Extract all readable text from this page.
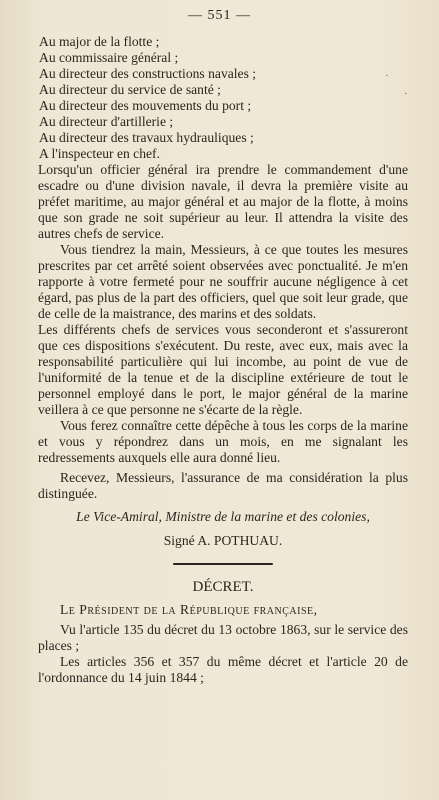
— 551 —
·
·
Au major de la flotte ;
Au commissaire général ;
Au directeur des constructions navales ;
Au directeur du service de santé ;
Au directeur des mouvements du port ;
Au directeur d'artillerie ;
Au directeur des travaux hydrauliques ;
A l'inspecteur en chef.

Lorsqu'un officier général ira prendre le commandement d'une escadre ou d'une division navale, il devra la première visite au préfet maritime, au major général et au major de la flotte, à moins que son grade ne soit supérieur au leur. Il attendra la visite des autres chefs de service.

Vous tiendrez la main, Messieurs, à ce que toutes les mesures prescrites par cet arrêté soient observées avec ponctualité. Je m'en rapporte à votre fermeté pour ne souffrir aucune négligence à cet égard, pas plus de la part des officiers, quel que soit leur grade, que de celle de la maistrance, des marins et des soldats.

Les différents chefs de services vous seconderont et s'assureront que ces dispositions s'exécutent. Du reste, avec eux, mais avec la responsabilité particulière qui lui incombe, au point de vue de l'uniformité de la tenue et de la discipline extérieure de tout le personnel employé dans le port, le major général de la marine veillera à ce que personne ne s'écarte de la règle.

Vous ferez connaître cette dépêche à tous les corps de la marine et vous y répondrez dans un mois, en me signalant les redressements auxquels elle aura donné lieu.

Recevez, Messieurs, l'assurance de ma considération la plus distinguée.

Le Vice-Amiral, Ministre de la marine et des colonies,
Signé A. POTHUAU.
DÉCRET.

Le Président de la République française,

Vu l'article 135 du décret du 13 octobre 1863, sur le service des places ;

Les articles 356 et 357 du même décret et l'article 20 de l'ordonnance du 14 juin 1844 ;
